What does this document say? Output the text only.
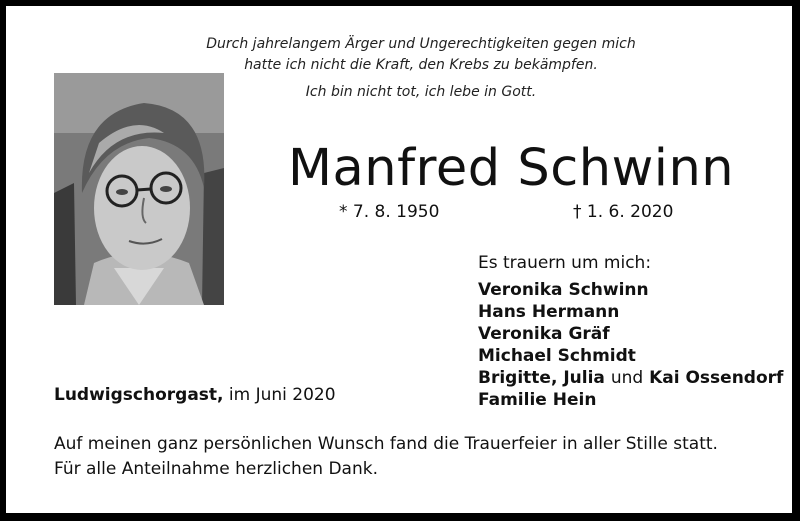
Durch jahrelangem Ärger und Ungerechtigkeiten gegen mich
hatte ich nicht die Kraft, den Krebs zu bekämpfen.
Ich bin nicht tot, ich lebe in Gott.
Manfred Schwinn
* 7. 8. 1950	† 1. 6. 2020
Es trauern um mich:
Veronika Schwinn
Hans Hermann
Veronika Gräf
Michael Schmidt
Brigitte, Julia und Kai Ossendorf
Familie Hein
Ludwigschorgast, im Juni 2020
Auf meinen ganz persönlichen Wunsch fand die Trauerfeier in aller Stille statt.
Für alle Anteilnahme herzlichen Dank.
